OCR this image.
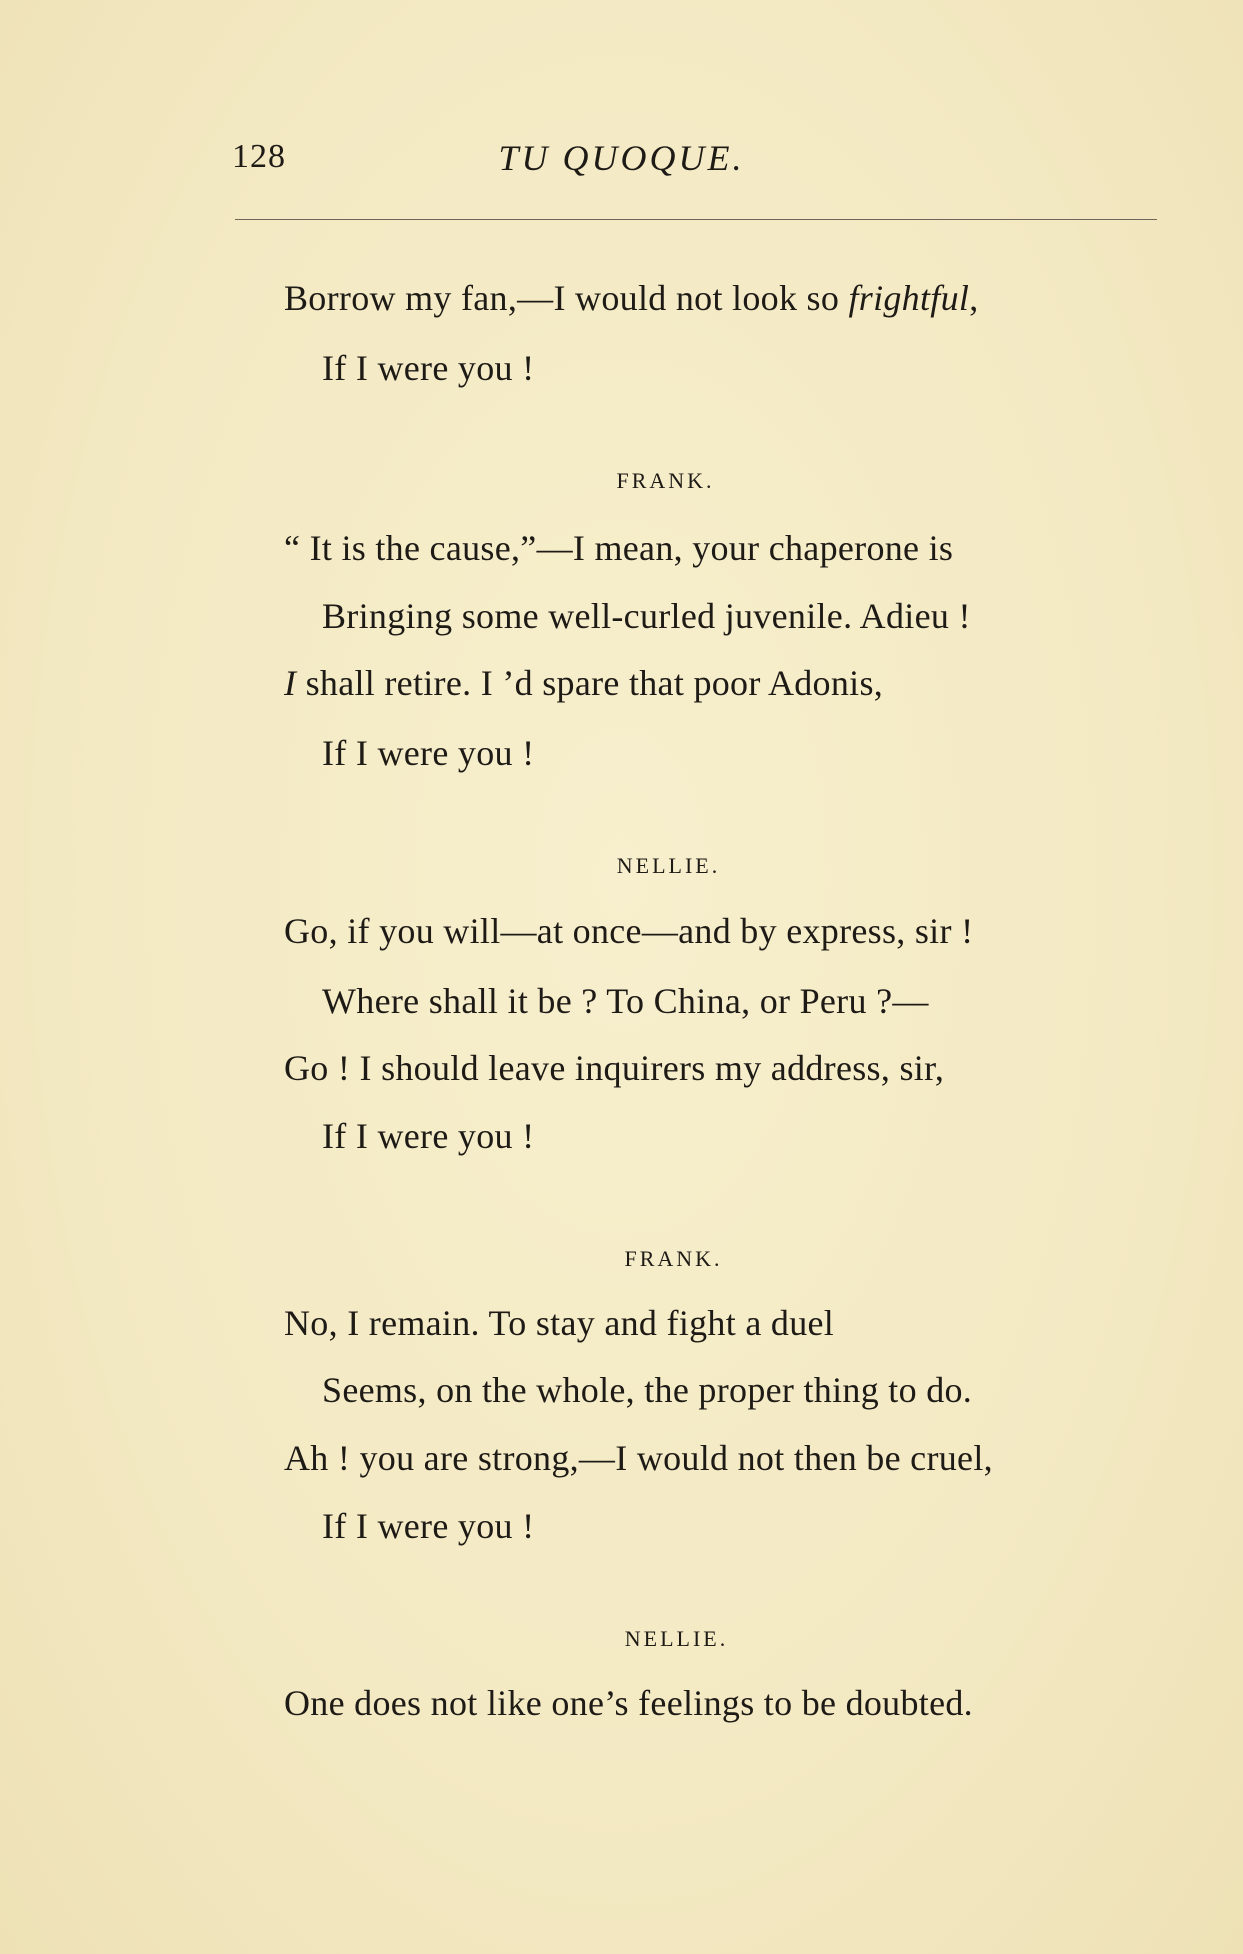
128	TU QUOQUE.
Borrow my fan,—I would not look so frightful,
If I were you !
FRANK.
“ It is the cause,”—I mean, your chaperone is
Bringing some well-curled juvenile. Adieu !
I shall retire. I ’d spare that poor Adonis,
If I were you !
NELLIE.
Go, if you will—at once—and by express, sir !
Where shall it be ? To China, or Peru ?—
Go ! I should leave inquirers my address, sir,
If I were you !
FRANK.
No, I remain. To stay and fight a duel
Seems, on the whole, the proper thing to do.
Ah ! you are strong,—I would not then be cruel,
If I were you !
NELLIE.
One does not like one’s feelings to be doubted.
